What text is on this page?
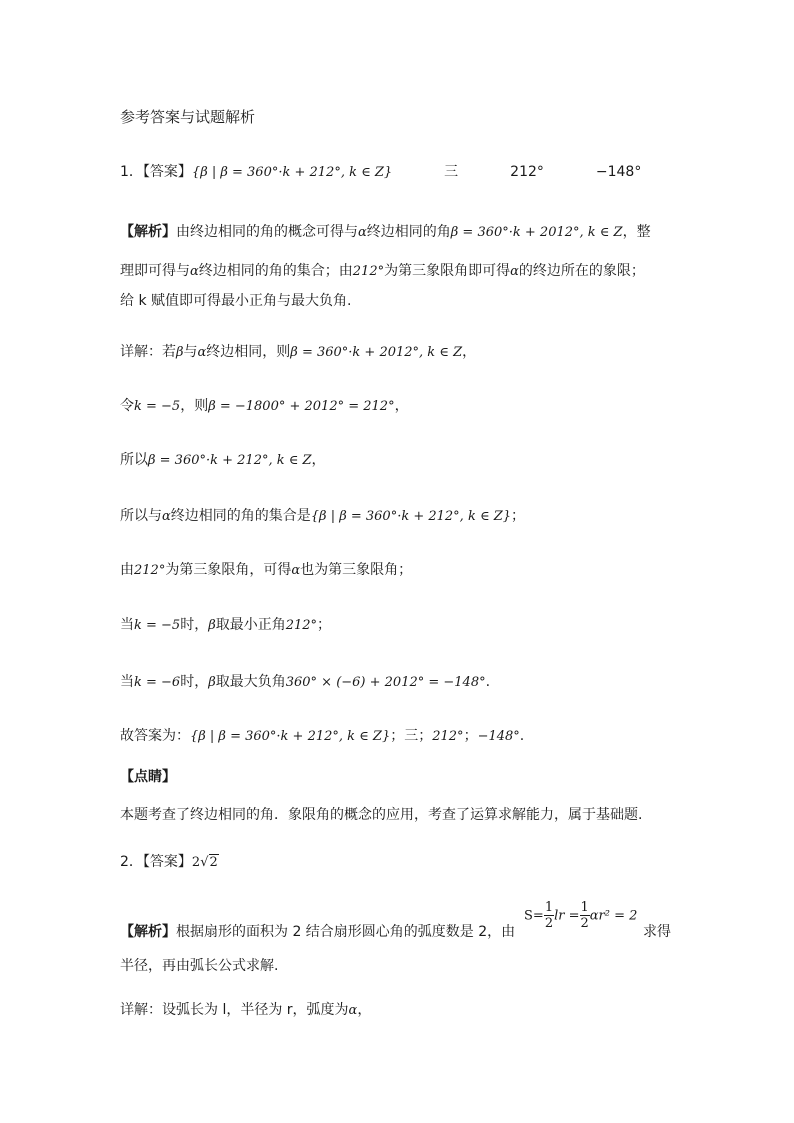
参考答案与试题解析
1．【答案】{β | β = 360°·k + 212°, k ∈ Z}	三	212°	−148°
【解析】由终边相同的角的概念可得与α终边相同的角β = 360°·k + 2012°, k ∈ Z，整
理即可得与α终边相同的角的集合；由212°为第三象限角即可得α的终边所在的象限；
给 k 赋值即可得最小正角与最大负角.
详解：若β与α终边相同，则β = 360°·k + 2012°, k ∈ Z，
令k = −5，则β = −1800° + 2012° = 212°，
所以β = 360°·k + 212°, k ∈ Z，
所以与α终边相同的角的集合是{β | β = 360°·k + 212°, k ∈ Z}；
由212°为第三象限角，可得α也为第三象限角；
当k = −5时，β取最小正角212°；
当k = −6时，β取最大负角360° × (−6) + 2012° = −148°.
故答案为：{β | β = 360°·k + 212°, k ∈ Z}；三；212°；−148°.
【点睛】
本题考查了终边相同的角．象限角的概念的应用，考查了运算求解能力，属于基础题.
2．【答案】2√2
【解析】根据扇形的面积为 2 结合扇形圆心角的弧度数是 2，由
$S= \frac{1}{2}$ lr = $\frac{1}{2} \alpha r^2 = 2$
求得
半径，再由弧长公式求解.
详解：设弧长为 l，半径为 r，弧度为α，
